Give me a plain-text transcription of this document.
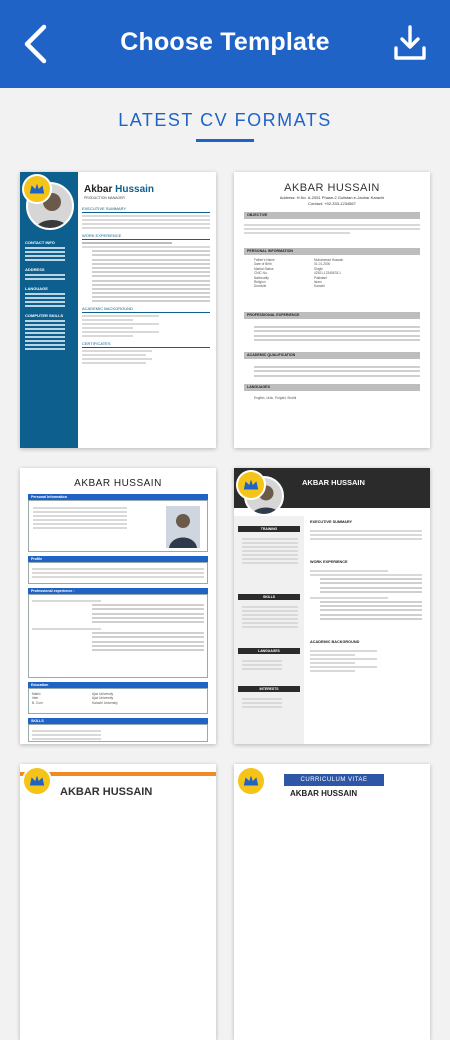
Choose Template
LATEST CV FORMATS
Akbar Hussain
PRODUCTION MANAGER
CONTACT INFO
ADDRESS
LANGUAGE
COMPUTER SKILLS
EXECUTIVE SUMMARY
WORK EXPERIENCE
ACADEMIC BACKGROUND
CERTIFICATES
AKBAR HUSSAIN
Address: H.No. A-2051 Phase-2 Gulistan-e-Jauhar Karachi
Contact: +92-333-1234567
OBJECTIVE
PERSONAL INFORMATION
Father's Name	Muhammad Hussain
Date of Birth	01-01-2000
Marital Status	Single
CNIC No.	42301-12345678-1
Nationality	Pakistani
Religion	Islam
Domicile	Karachi
PROFESSIONAL EXPERIENCE
ACADEMIC QUALIFICATION
LANGUAGES
English, Urdu, Punjabi, Sindhi
AKBAR HUSSAIN
Personal Information
Profile
Professional experience :
Education
Matric	Ajax University
Inter	Ajax University
B. Com	Karachi University
SKILLS
AKBAR HUSSAIN
TRAINING
SKILLS
LANGUAGES
INTERESTS
EXECUTIVE SUMMARY
WORK EXPERIENCE
ACADEMIC BACKGROUND
AKBAR HUSSAIN
CURRICULUM VITAE
AKBAR HUSSAIN
